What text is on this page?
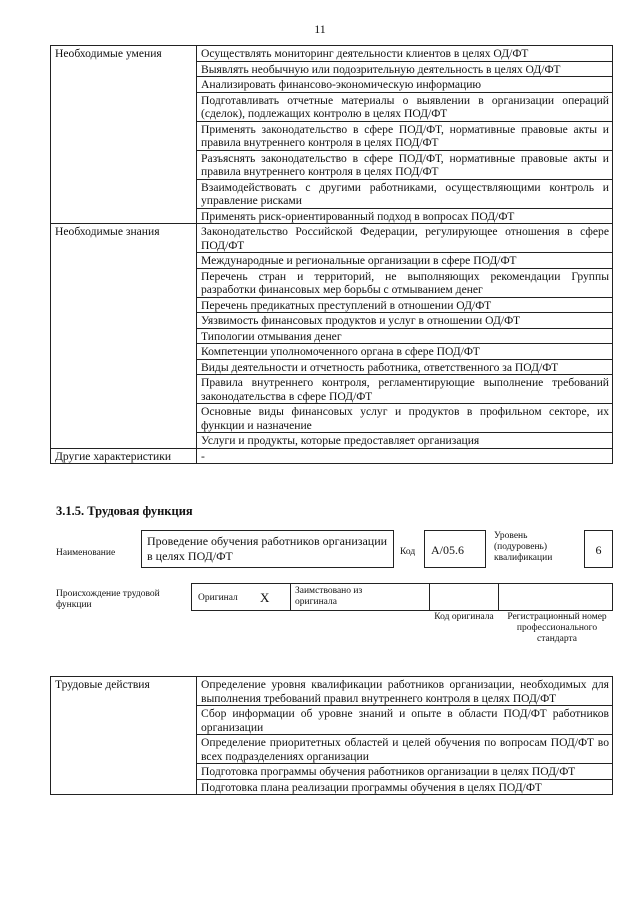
11
Необходимые умения	Осуществлять мониторинг деятельности клиентов в целях ОД/ФТ
	Выявлять необычную или подозрительную деятельность в целях ОД/ФТ
	Анализировать финансово-экономическую информацию
	Подготавливать отчетные материалы о выявлении в организации операций (сделок), подлежащих контролю в целях ПОД/ФТ
	Применять законодательство в сфере ПОД/ФТ, нормативные правовые акты и правила внутреннего контроля в целях ПОД/ФТ
	Разъяснять законодательство в сфере ПОД/ФТ, нормативные правовые акты и правила внутреннего контроля в целях ПОД/ФТ
	Взаимодействовать с другими работниками, осуществляющими контроль и управление рисками
	Применять риск-ориентированный подход в вопросах ПОД/ФТ
Необходимые знания	Законодательство Российской Федерации, регулирующее отношения в сфере ПОД/ФТ
	Международные и региональные организации в сфере ПОД/ФТ
	Перечень стран и территорий, не выполняющих рекомендации Группы разработки финансовых мер борьбы с отмыванием денег
	Перечень предикатных преступлений в отношении ОД/ФТ
	Уязвимость финансовых продуктов и услуг в отношении ОД/ФТ
	Типологии отмывания денег
	Компетенции уполномоченного органа в сфере ПОД/ФТ
	Виды деятельности и отчетность работника, ответственного за ПОД/ФТ
	Правила внутреннего контроля, регламентирующие выполнение требований законодательства в сфере ПОД/ФТ
	Основные виды финансовых услуг и продуктов в профильном секторе, их функции и назначение
	Услуги и продукты, которые предоставляет организация
Другие характеристики	-
3.1.5. Трудовая функция
Наименование
Проведение обучения работников организации в целях ПОД/ФТ	Код	A/05.6
Уровень (подуровень) квалификации
6
Происхождение трудовой функции
Оригинал X	Заимствовано из оригинала
Код оригинала	Регистрационный номер профессионального стандарта
Трудовые действия	Определение уровня квалификации работников организации, необходимых для выполнения требований правил внутреннего контроля в целях ПОД/ФТ
Сбор информации об уровне знаний и опыте в области ПОД/ФТ работников организации
Определение приоритетных областей и целей обучения по вопросам ПОД/ФТ во всех подразделениях организации
Подготовка программы обучения работников организации в целях ПОД/ФТ
Подготовка плана реализации программы обучения в целях ПОД/ФТ
